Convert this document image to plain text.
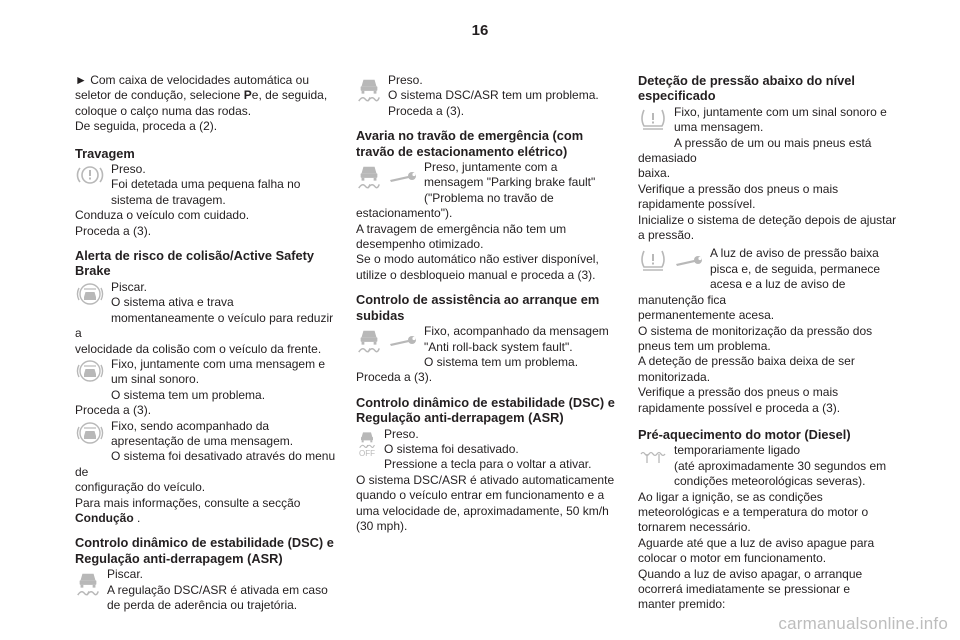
16

► Com caixa de velocidades automática ou

seletor de condução, selecione Pe, de seguida,

coloque o calço numa das rodas.

De seguida, proceda a (2).

Travagem

Preso.

Foi detetada uma pequena falha no

sistema de travagem.

Conduza o veículo com cuidado.

Proceda a (3).

Alerta de risco de colisão/Active Safety
Brake

Piscar.

O sistema ativa e trava

momentaneamente o veículo para reduzir a

velocidade da colisão com o veículo da frente.

Fixo, juntamente com uma mensagem e

um sinal sonoro.

O sistema tem um problema.

Proceda a (3).

Fixo, sendo acompanhado da

apresentação de uma mensagem.

O sistema foi desativado através do menu de

configuração do veículo.

Para mais informações, consulte a secção

Condução .

Controlo dinâmico de estabilidade (DSC) e
Regulação anti-derrapagem (ASR)

Piscar.

A regulação DSC/ASR é ativada em caso

de perda de aderência ou trajetória.

Preso.

O sistema DSC/ASR tem um problema.

Proceda a (3).

Avaria no travão de emergência (com
travão de estacionamento elétrico)

Preso, juntamente com a

mensagem "Parking brake fault"

("Problema no travão de estacionamento").

A travagem de emergência não tem um

desempenho otimizado.

Se o modo automático não estiver disponível,

utilize o desbloqueio manual e proceda a (3).

Controlo de assistência ao arranque em
subidas

Fixo, acompanhado da mensagem

"Anti roll-back system fault".

O sistema tem um problema.

Proceda a (3).

Controlo dinâmico de estabilidade (DSC) e
Regulação anti-derrapagem (ASR)
OFF

Preso.

O sistema foi desativado.

Pressione a tecla para o voltar a ativar.

O sistema DSC/ASR é ativado automaticamente

quando o veículo entrar em funcionamento e a

uma velocidade de, aproximadamente, 50 km/h

(30 mph).

Deteção de pressão abaixo do nível
especificado

Fixo, juntamente com um sinal sonoro e

uma mensagem.

A pressão de um ou mais pneus está demasiado

baixa.

Verifique a pressão dos pneus o mais

rapidamente possível.

Inicialize o sistema de deteção depois de ajustar

a pressão.

A luz de aviso de pressão baixa

pisca e, de seguida, permanece

acesa e a luz de aviso de manutenção fica

permanentemente acesa.

O sistema de monitorização da pressão dos

pneus tem um problema.

A deteção de pressão baixa deixa de ser

monitorizada.

Verifique a pressão dos pneus o mais

rapidamente possível e proceda a (3).

Pré-aquecimento do motor (Diesel)

temporariamente ligado

(até aproximadamente 30 segundos em

condições meteorológicas severas).

Ao ligar a ignição, se as condições

meteorológicas e a temperatura do motor o

tornarem necessário.

Aguarde até que a luz de aviso apague para

colocar o motor em funcionamento.

Quando a luz de aviso apagar, o arranque

ocorrerá imediatamente se pressionar e

manter premido:

carmanualsonline.info
